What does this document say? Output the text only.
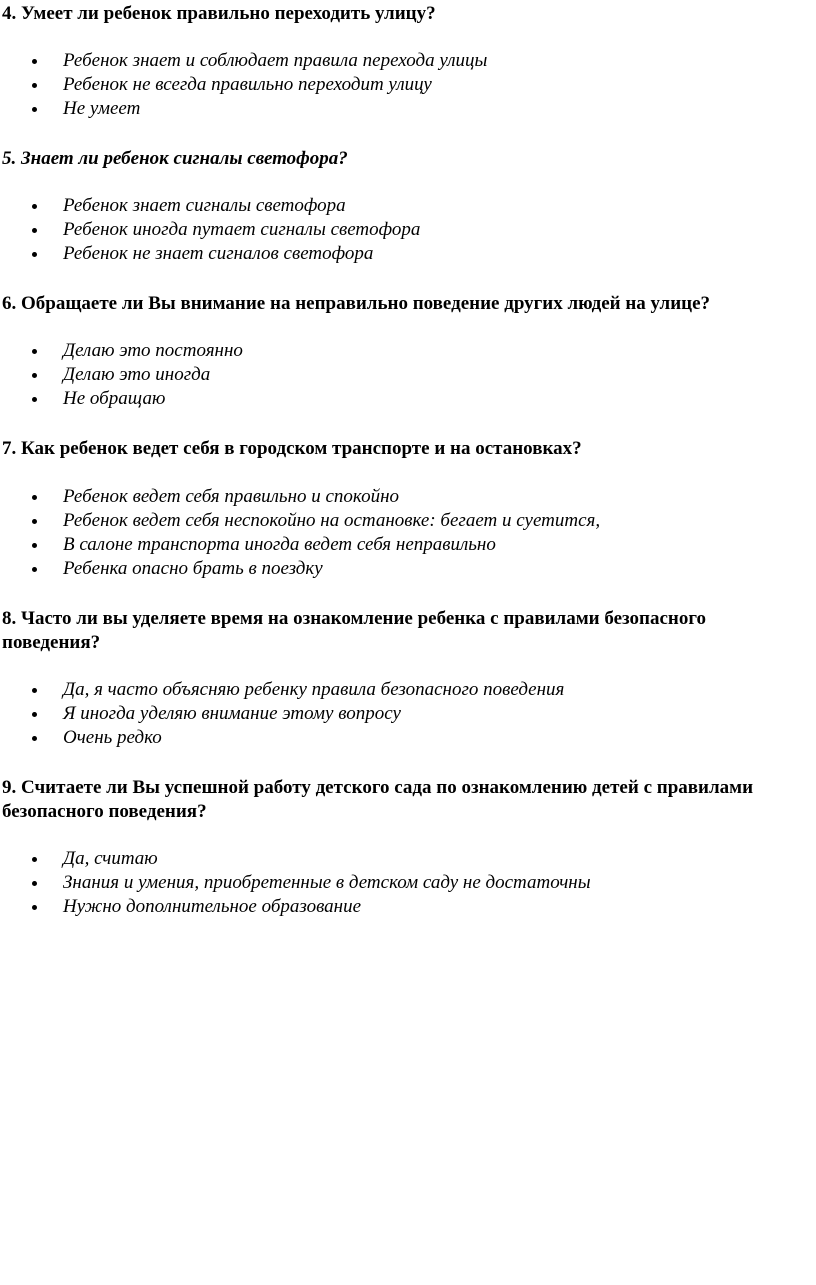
4. Умеет ли ребенок правильно переходить улицу?

Ребенок знает и соблюдает правила перехода улицы
Ребенок не всегда правильно переходит улицу
Не умеет

5. Знает ли ребенок сигналы светофора?

Ребенок знает сигналы светофора
Ребенок иногда путает сигналы светофора
Ребенок не знает сигналов светофора

6. Обращаете ли Вы внимание на неправильно поведение других людей на улице?

Делаю это постоянно
Делаю это иногда
Не обращаю

7. Как ребенок ведет себя в городском транспорте и на остановках?

Ребенок ведет себя правильно и спокойно
Ребенок ведет себя неспокойно на остановке: бегает и суетится,
В салоне транспорта иногда ведет себя неправильно
Ребенка опасно брать в поездку

8. Часто ли вы уделяете время на ознакомление ребенка с правилами безопасного поведения?

Да, я часто объясняю ребенку правила безопасного поведения
Я иногда уделяю внимание этому вопросу
Очень редко

9. Считаете ли Вы успешной работу детского сада по ознакомлению детей с правилами безопасного поведения?

Да, считаю
Знания и умения, приобретенные в детском саду не достаточны
Нужно дополнительное образование
